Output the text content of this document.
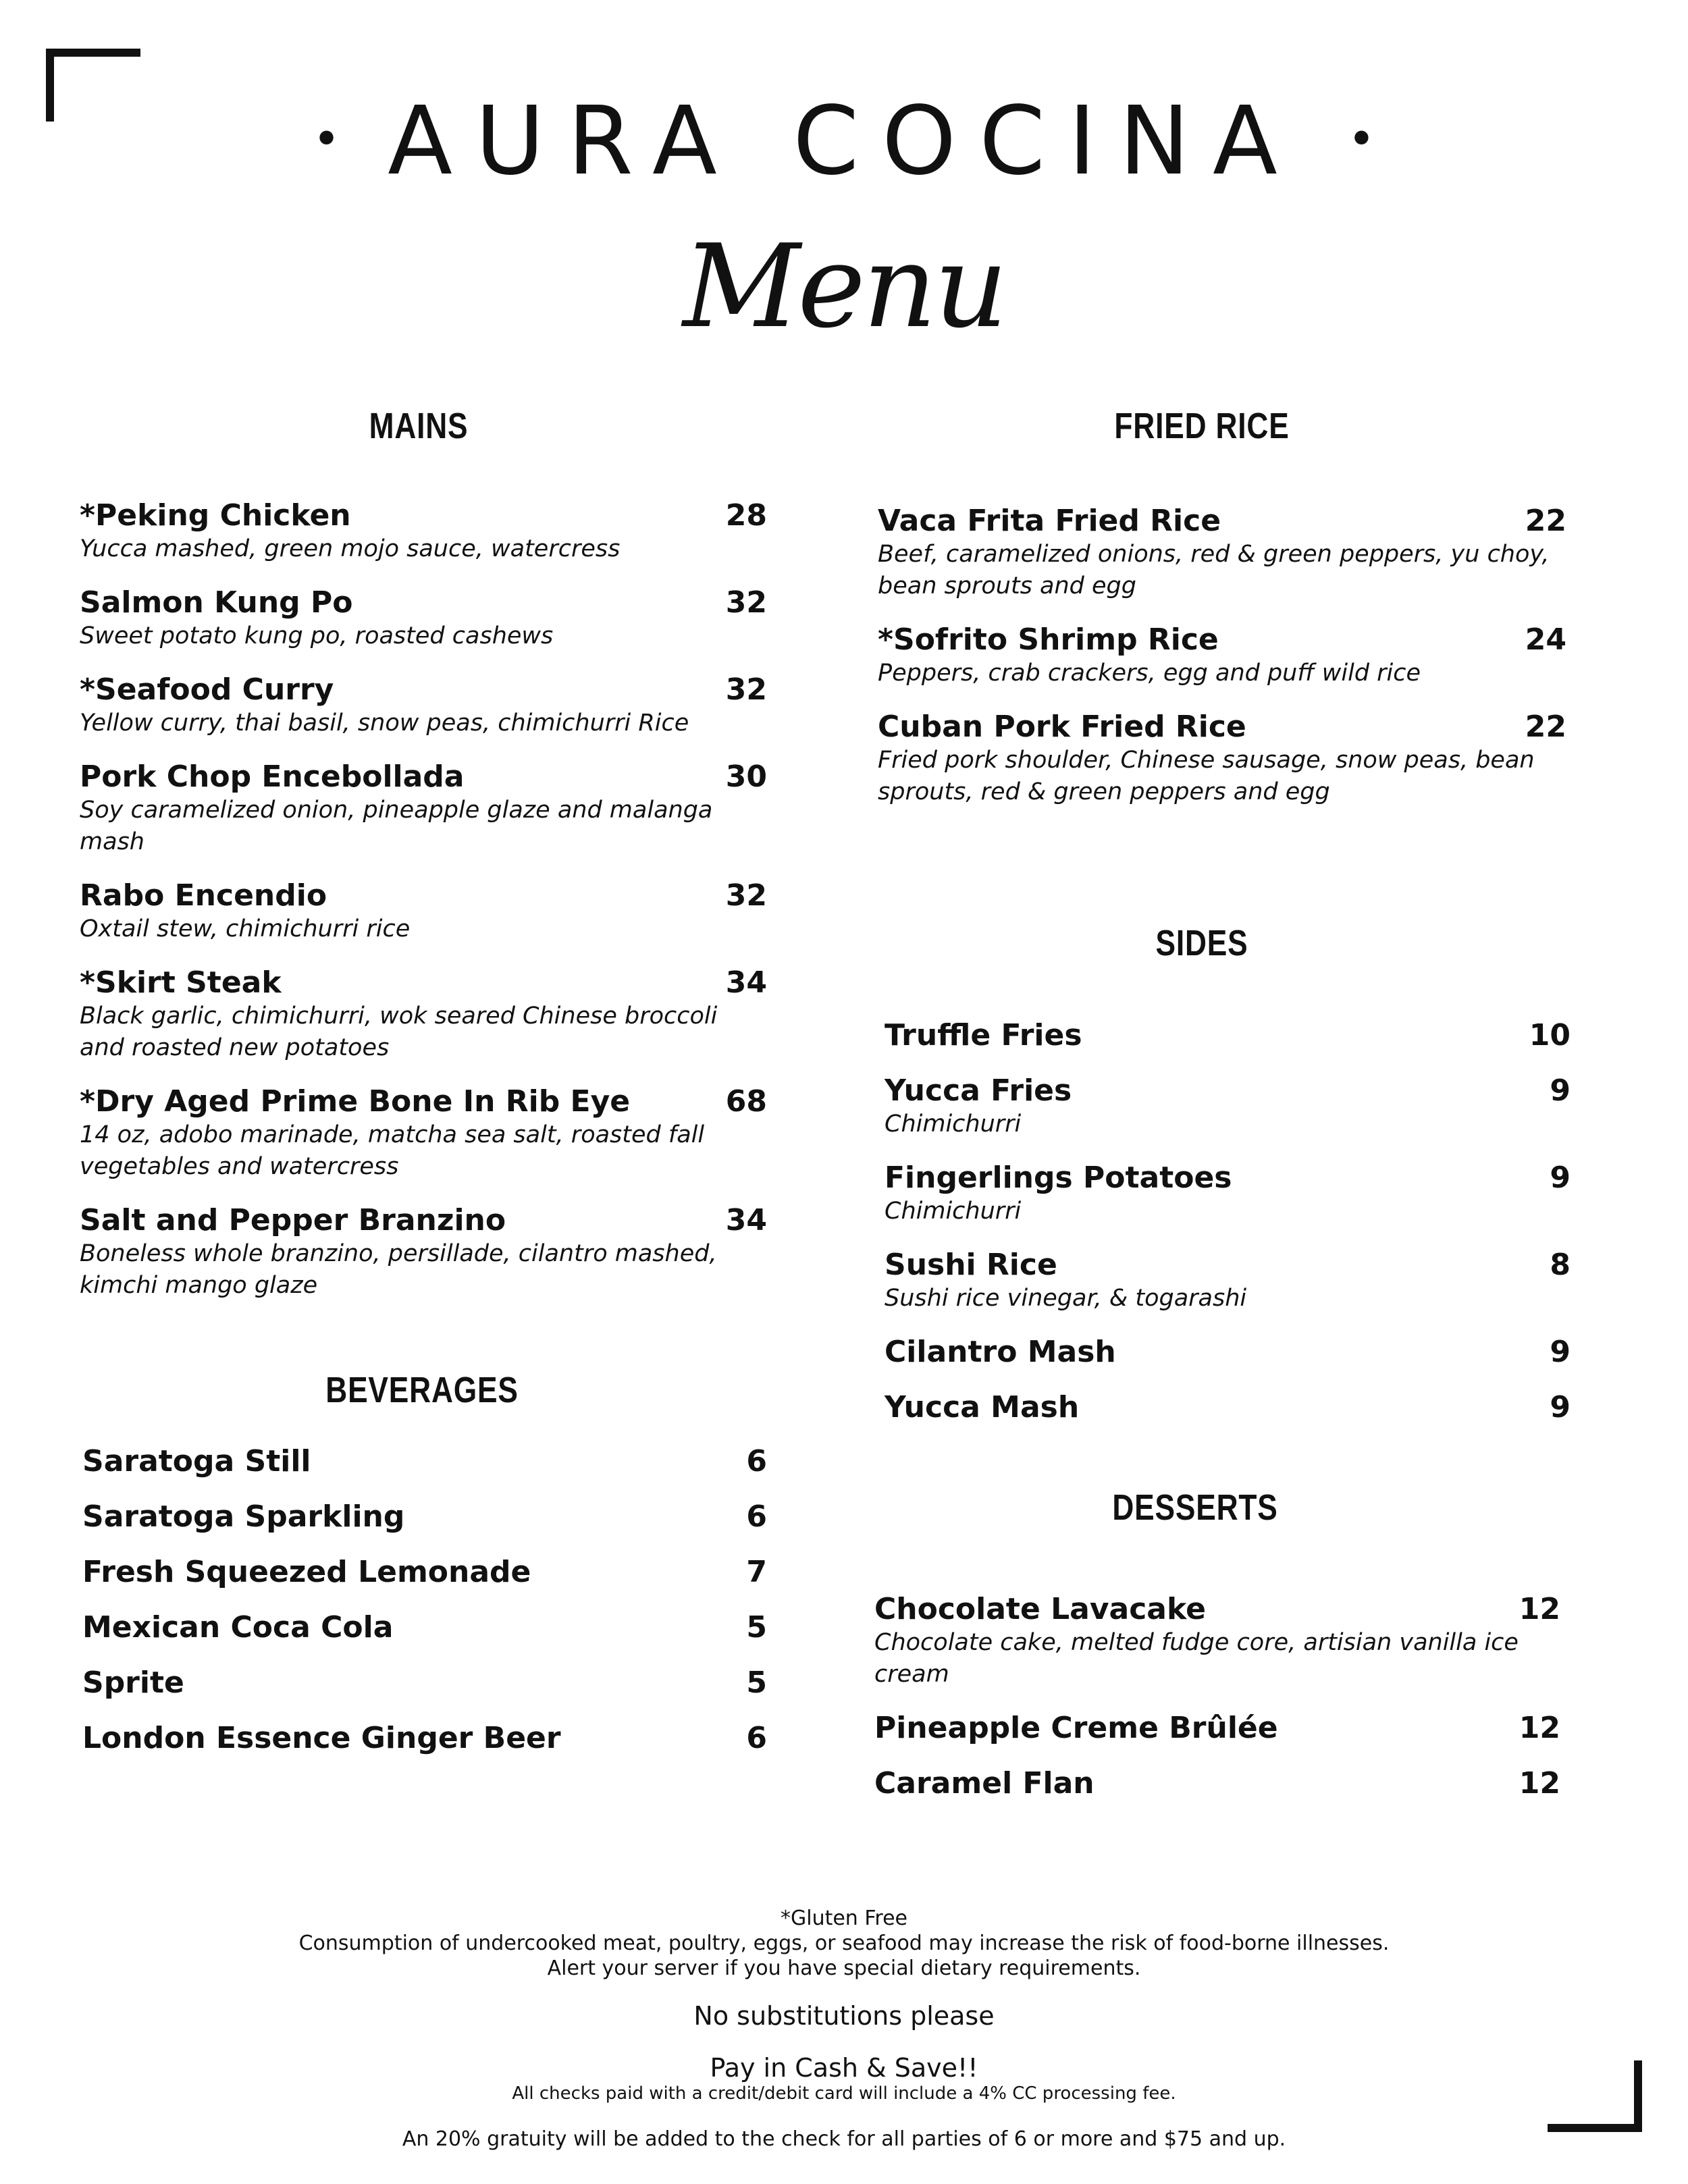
• AURA COCINA •
Menu
MAINS	FRIED RICE
SIDES
BEVERAGES
DESSERTS
*Peking Chicken	28
Yucca mashed, green mojo sauce, watercress
Salmon Kung Po	32
Sweet potato kung po, roasted cashews
*Seafood Curry	32
Yellow curry, thai basil, snow peas, chimichurri Rice
Pork Chop Encebollada	30
Soy caramelized onion, pineapple glaze and malanga mash
Rabo Encendio	32
Oxtail stew, chimichurri rice
*Skirt Steak	34
Black garlic, chimichurri, wok seared Chinese broccoli and roasted new potatoes
*Dry Aged Prime Bone In Rib Eye	68
14 oz, adobo marinade, matcha sea salt, roasted fall vegetables and watercress
Salt and Pepper Branzino	34
Boneless whole branzino, persillade, cilantro mashed, kimchi mango glaze
Vaca Frita Fried Rice	22
Beef, caramelized onions, red & green peppers, yu choy, bean sprouts and egg
*Sofrito Shrimp Rice	24
Peppers, crab crackers, egg and puff wild rice
Cuban Pork Fried Rice	22
Fried pork shoulder, Chinese sausage, snow peas, bean sprouts, red & green peppers and egg
Truffle Fries	10
Yucca Fries	9
Chimichurri
Fingerlings Potatoes	9
Chimichurri
Sushi Rice	8
Sushi rice vinegar, & togarashi
Cilantro Mash	9
Yucca Mash	9
Saratoga Still	6
Saratoga Sparkling	6
Fresh Squeezed Lemonade	7
Mexican Coca Cola	5
Sprite	5
London Essence Ginger Beer	6
Chocolate Lavacake	12
Chocolate cake, melted fudge core, artisian vanilla ice cream
Pineapple Creme Brûlée	12
Caramel Flan	12
*Gluten Free
Consumption of undercooked meat, poultry, eggs, or seafood may increase the risk of food-borne illnesses.
Alert your server if you have special dietary requirements.
No substitutions please
Pay in Cash & Save!!
All checks paid with a credit/debit card will include a 4% CC processing fee.
An 20% gratuity will be added to the check for all parties of 6 or more and $75 and up.
